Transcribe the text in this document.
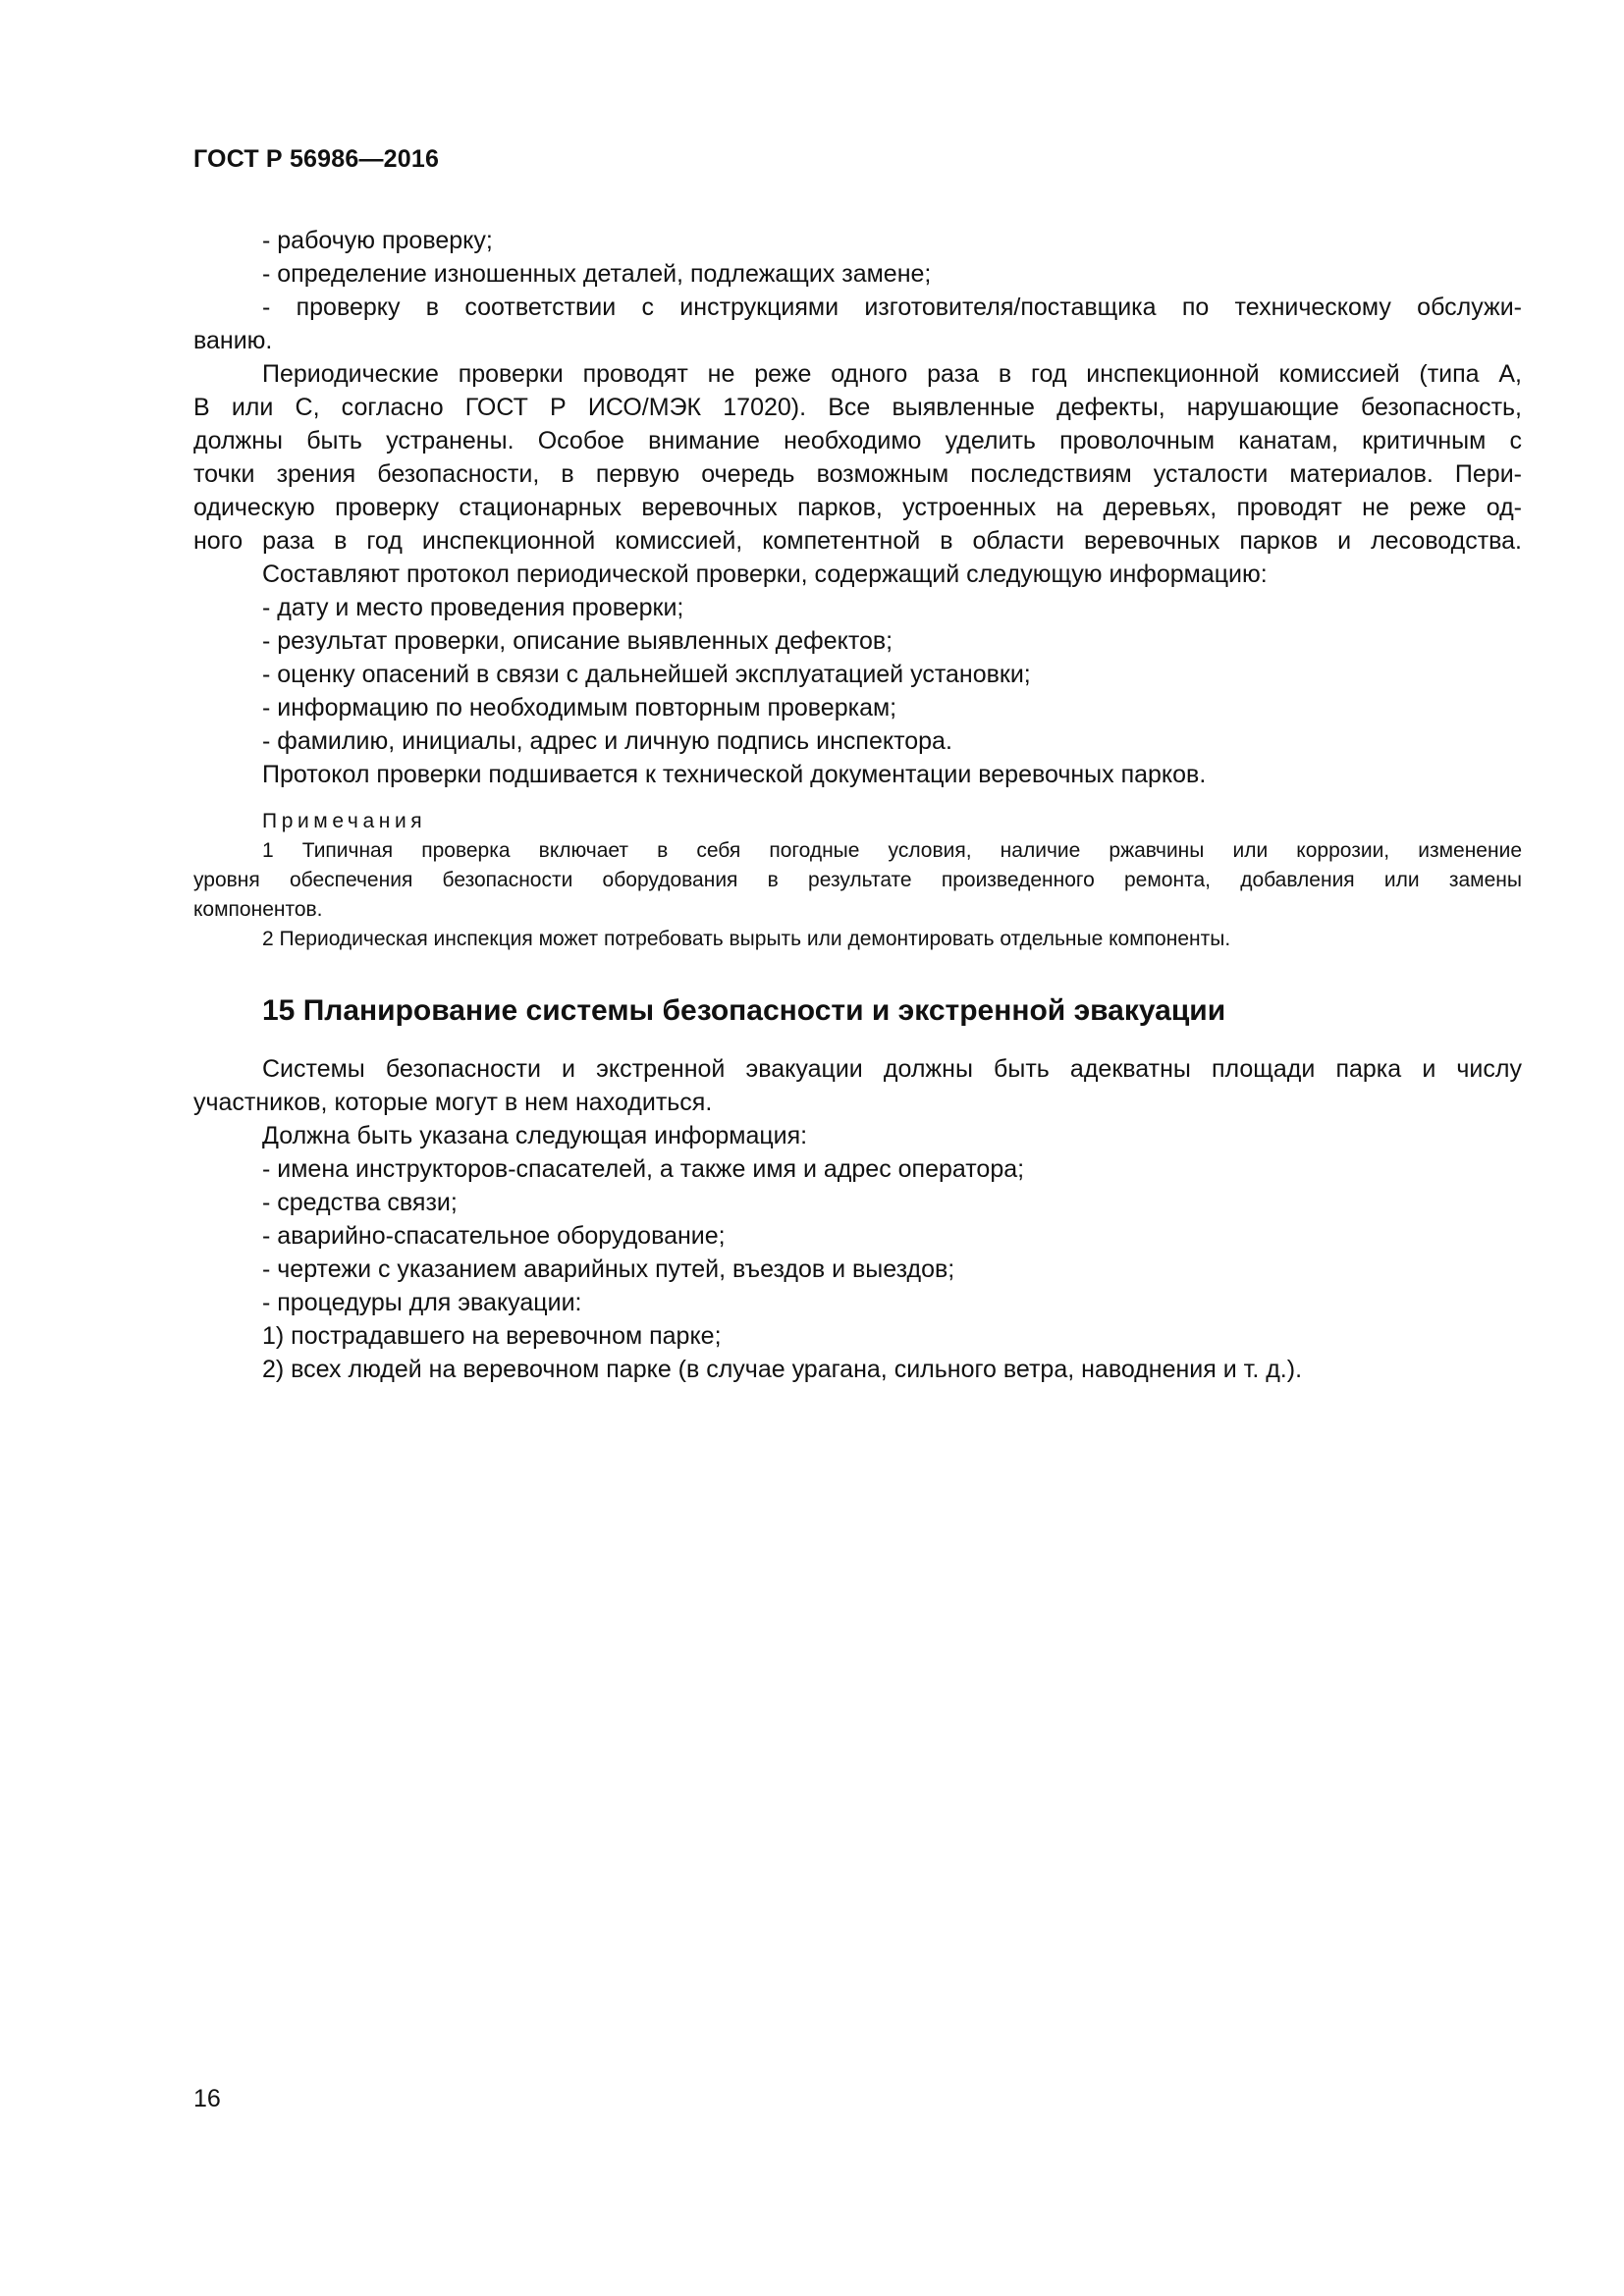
ГОСТ Р 56986—2016
- рабочую проверку;
- определение изношенных деталей, подлежащих замене;
- проверку в соответствии с инструкциями изготовителя/поставщика по техническому обслужи-
ванию.
Периодические проверки проводят не реже одного раза в год инспекционной комиссией (типа А,
В или С, согласно ГОСТ Р ИСО/МЭК 17020). Все выявленные дефекты, нарушающие безопасность,
должны быть устранены. Особое внимание необходимо уделить проволочным канатам, критичным с
точки зрения безопасности, в первую очередь возможным последствиям усталости материалов. Пери-
одическую проверку стационарных веревочных парков, устроенных на деревьях, проводят не реже од-
ного раза в год инспекционной комиссией, компетентной в области веревочных парков и лесоводства.
Составляют протокол периодической проверки, содержащий следующую информацию:
- дату и место проведения проверки;
- результат проверки, описание выявленных дефектов;
- оценку опасений в связи с дальнейшей эксплуатацией установки;
- информацию по необходимым повторным проверкам;
- фамилию, инициалы, адрес и личную подпись инспектора.
Протокол проверки подшивается к технической документации веревочных парков.
Примечания
1 Типичная проверка включает в себя погодные условия, наличие ржавчины или коррозии, изменение
уровня обеспечения безопасности оборудования в результате произведенного ремонта, добавления или замены
компонентов.
2 Периодическая инспекция может потребовать вырыть или демонтировать отдельные компоненты.
15 Планирование системы безопасности и экстренной эвакуации
Системы безопасности и экстренной эвакуации должны быть адекватны площади парка и числу
участников, которые могут в нем находиться.
Должна быть указана следующая информация:
- имена инструкторов-спасателей, а также имя и адрес оператора;
- средства связи;
- аварийно-спасательное оборудование;
- чертежи с указанием аварийных путей, въездов и выездов;
- процедуры для эвакуации:
1) пострадавшего на веревочном парке;
2) всех людей на веревочном парке (в случае урагана, сильного ветра, наводнения и т. д.).
16
